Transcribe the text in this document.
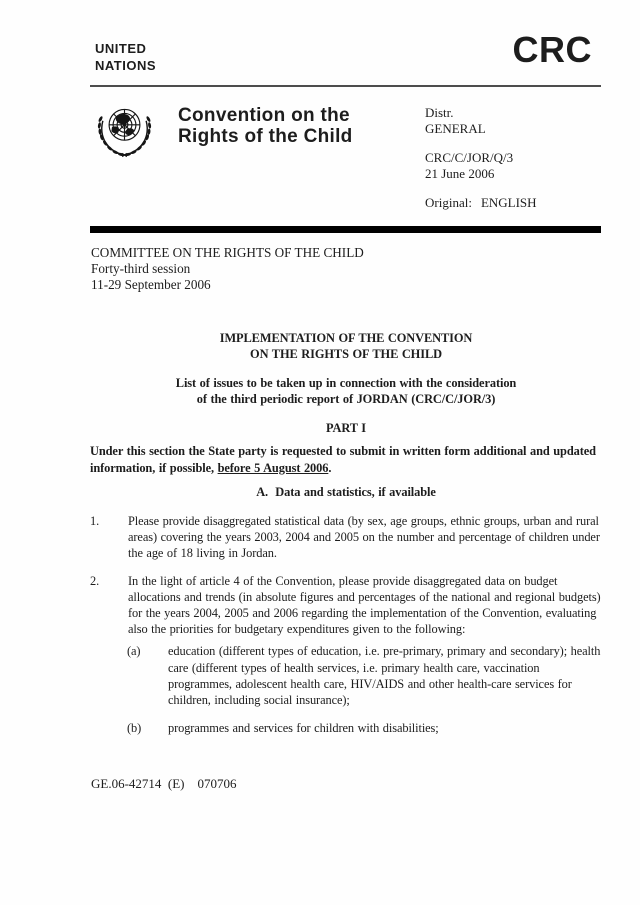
UNITED
NATIONS	CRC
Convention on the
Rights of the Child
Distr.
GENERAL
CRC/C/JOR/Q/3
21 June 2006
Original: ENGLISH
COMMITTEE ON THE RIGHTS OF THE CHILD
Forty-third session
11-29 September 2006
IMPLEMENTATION OF THE CONVENTION
ON THE RIGHTS OF THE CHILD
List of issues to be taken up in connection with the consideration
of the third periodic report of JORDAN (CRC/C/JOR/3)
PART I
Under this section the State party is requested to submit in written form additional and updated information, if possible, before 5 August 2006.
A.  Data and statistics, if available
1. Please provide disaggregated statistical data (by sex, age groups, ethnic groups, urban and rural areas) covering the years 2003, 2004 and 2005 on the number and percentage of children under the age of 18 living in Jordan.
2. In the light of article 4 of the Convention, please provide disaggregated data on budget allocations and trends (in absolute figures and percentages of the national and regional budgets) for the years 2004, 2005 and 2006 regarding the implementation of the Convention, evaluating also the priorities for budgetary expenditures given to the following:
(a) education (different types of education, i.e. pre-primary, primary and secondary); health care (different types of health services, i.e. primary health care, vaccination programmes, adolescent health care, HIV/AIDS and other health-care services for children, including social insurance);
(b) programmes and services for children with disabilities;
GE.06-42714  (E)    070706
